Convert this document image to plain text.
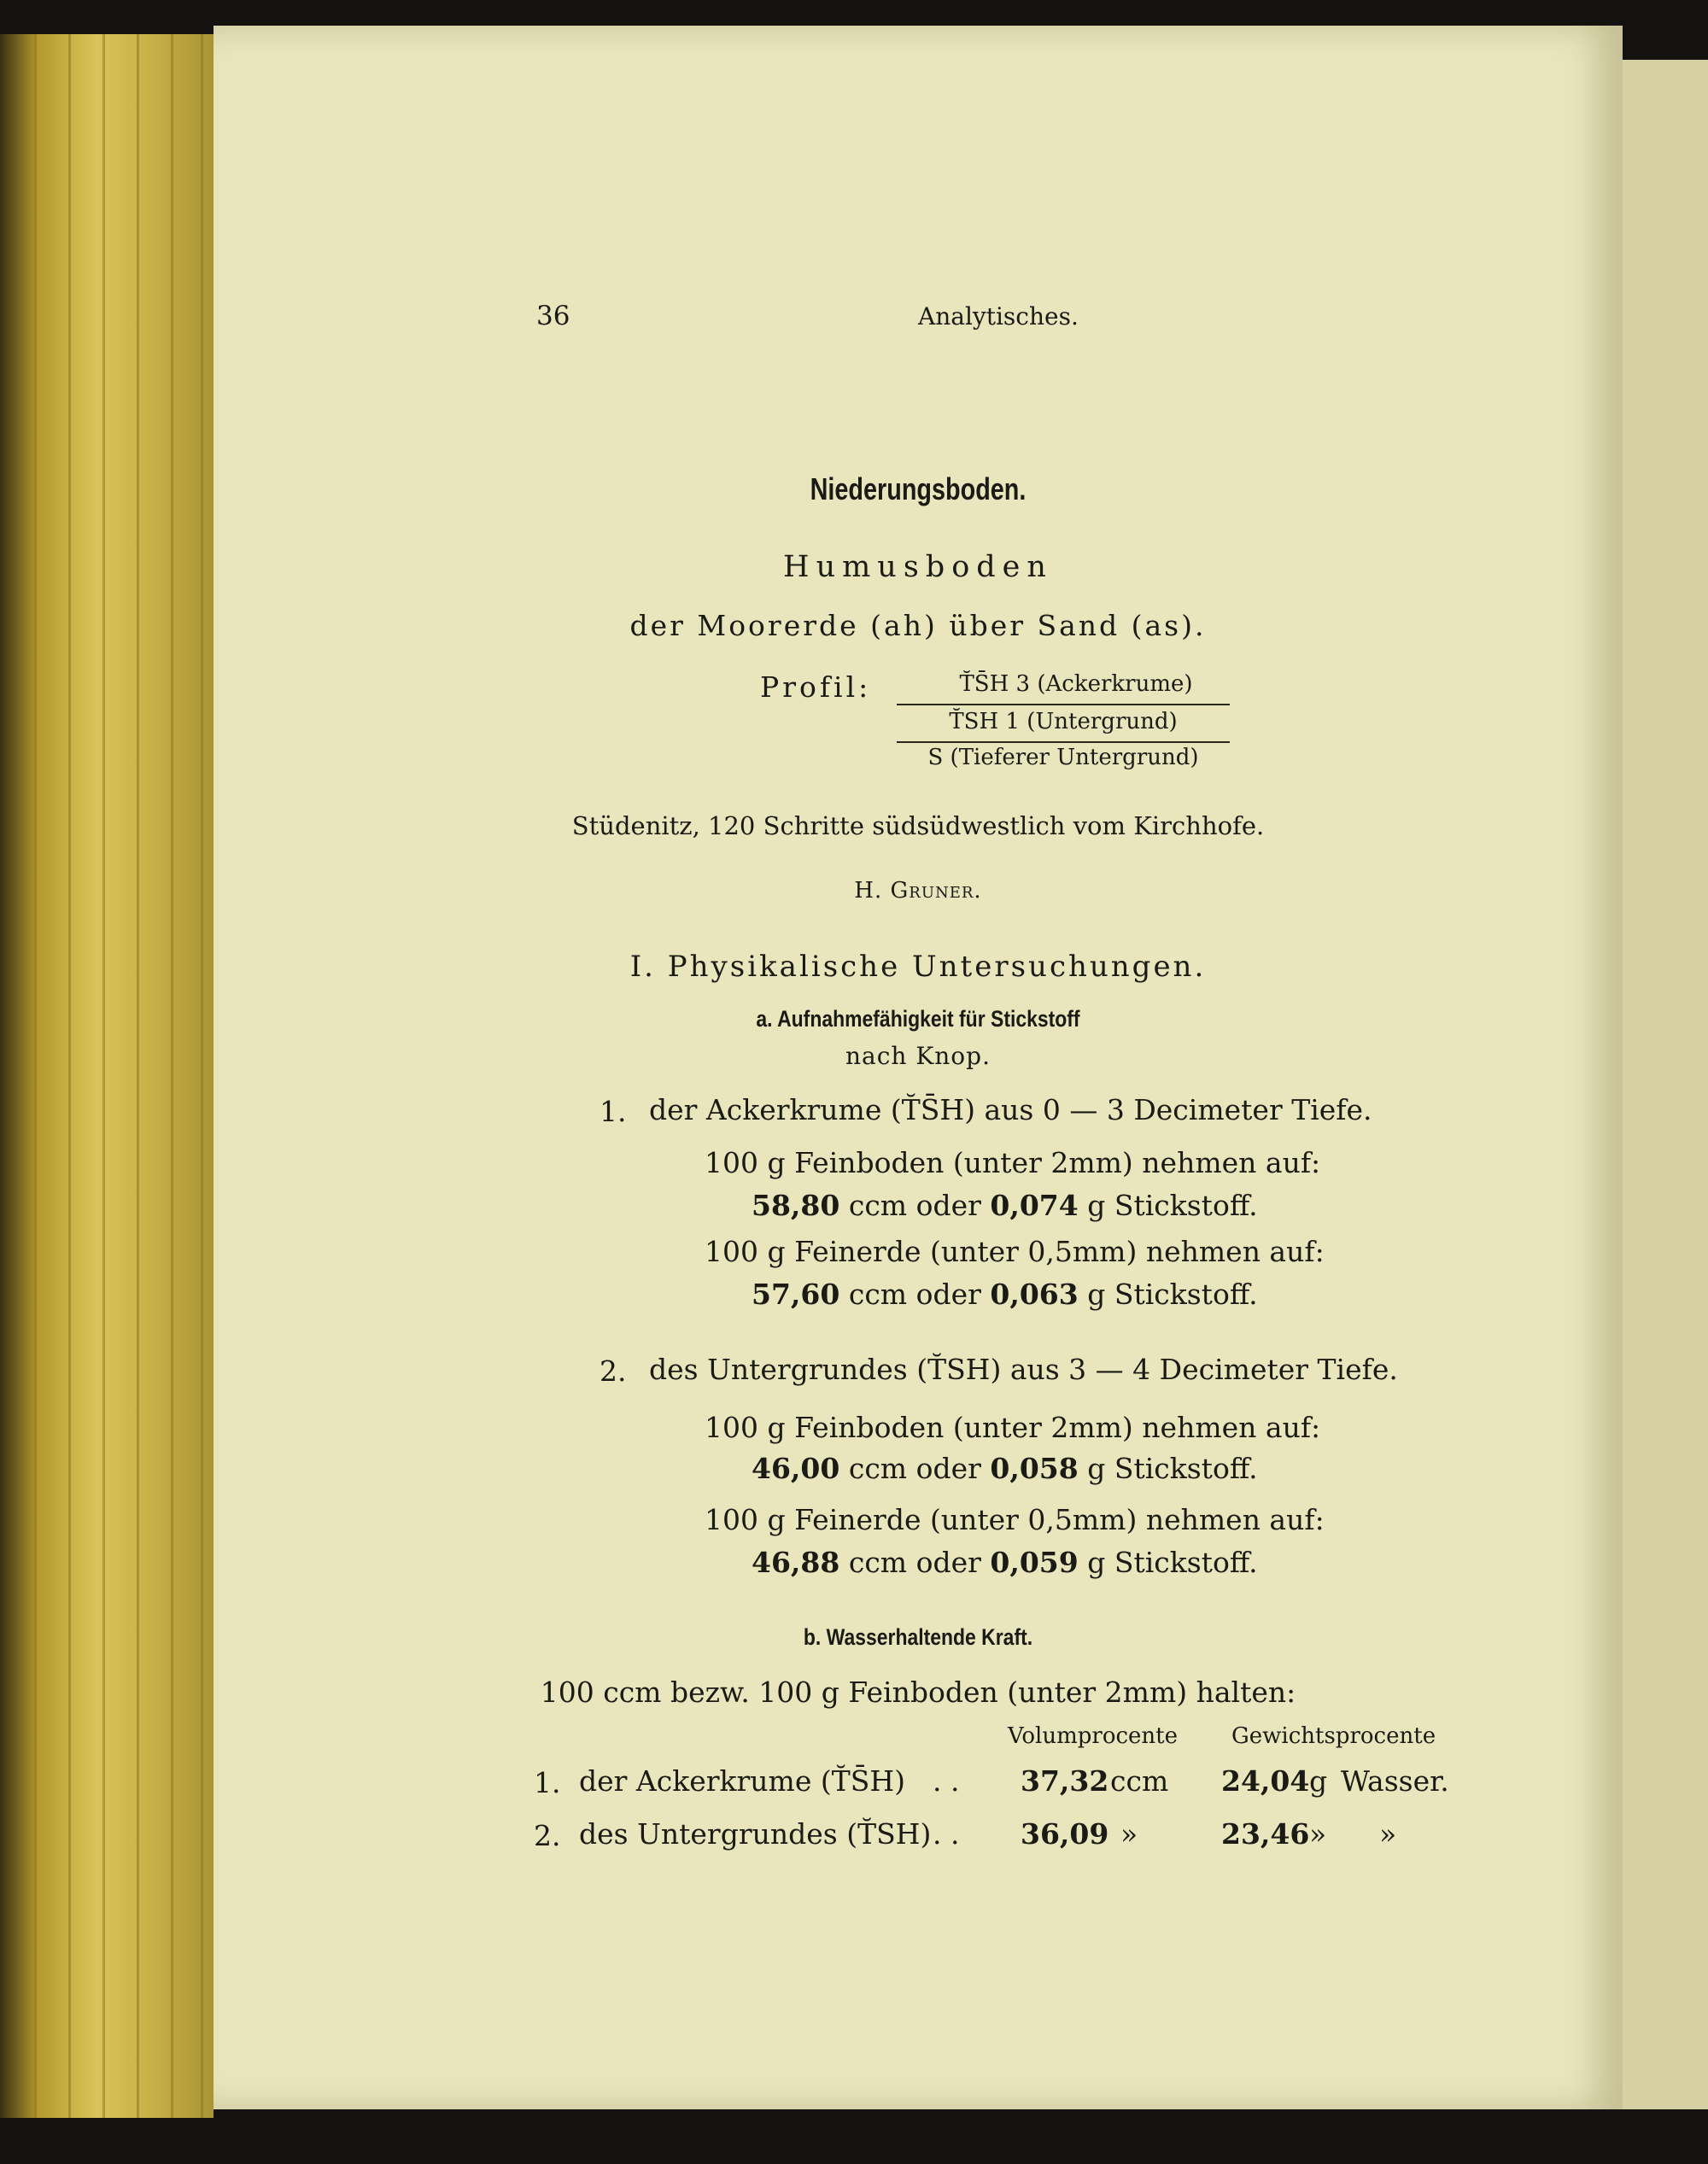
36	Analytisches.
Niederungsboden.
Humusboden
der Moorerde (ah) über Sand (as).
Profil:	T̆S̄H 3 (Ackerkrume)
T̆SH 1 (Untergrund)
S (Tieferer Untergrund)
Stüdenitz, 120 Schritte südsüdwestlich vom Kirchhofe.
H. Gruner.
I. Physikalische Untersuchungen.
a. Aufnahmefähigkeit für Stickstoff
nach Knop.
1. der Ackerkrume (T̆S̄H) aus 0 — 3 Decimeter Tiefe.
100 g Feinboden (unter 2mm) nehmen auf:
58,80 ccm oder 0,074 g Stickstoff.
100 g Feinerde (unter 0,5mm) nehmen auf:
57,60 ccm oder 0,063 g Stickstoff.
2. des Untergrundes (T̆SH) aus 3 — 4 Decimeter Tiefe.
100 g Feinboden (unter 2mm) nehmen auf:
46,00 ccm oder 0,058 g Stickstoff.
100 g Feinerde (unter 0,5mm) nehmen auf:
46,88 ccm oder 0,059 g Stickstoff.
b. Wasserhaltende Kraft.
100 ccm bezw. 100 g Feinboden (unter 2mm) halten:
Volumprocente Gewichtsprocente
1. der Ackerkrume (T̆S̄H) . . 37,32 ccm 24,04 g Wasser.
2. des Untergrundes (T̆SH) . . 36,09 »	23,46 » »
